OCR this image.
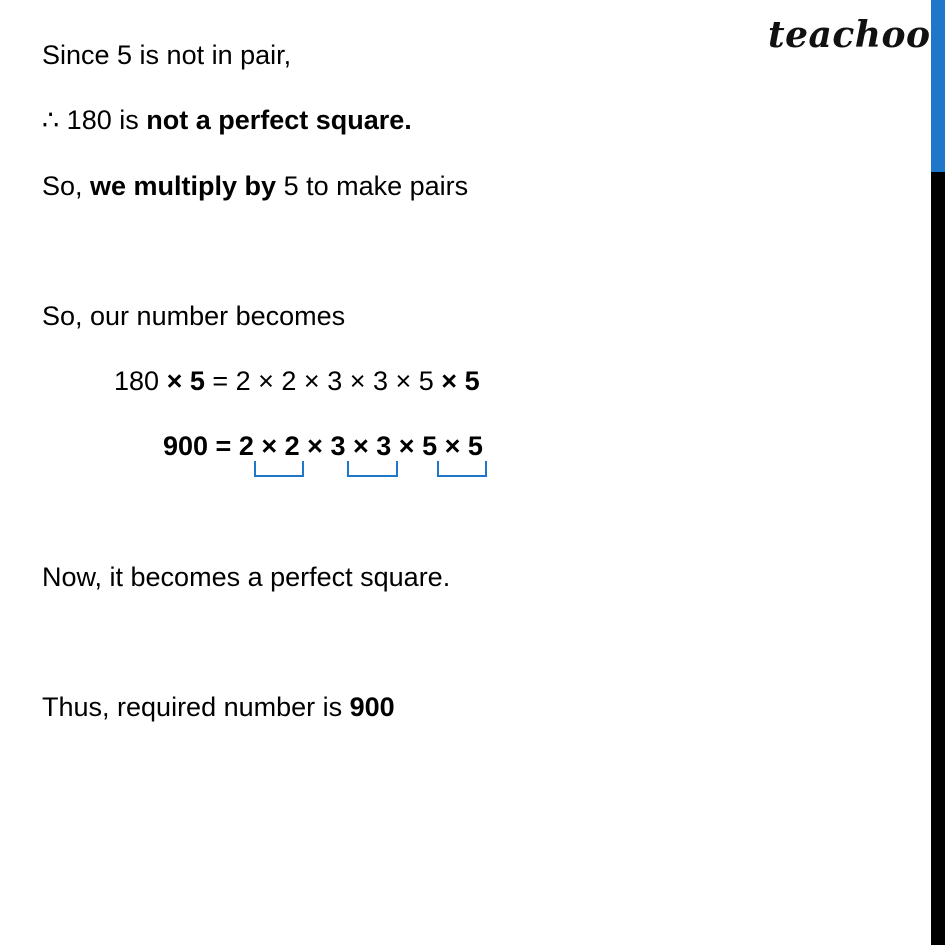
teachoo
Since 5 is not in pair,
∴ 180 is not a perfect square.
So, we multiply by 5 to make pairs
So, our number becomes
180 × 5 = 2 × 2 × 3 × 3 × 5 × 5
900 = 2 × 2 × 3 × 3 × 5 × 5
Now, it becomes a perfect square.
Thus, required number is 900
